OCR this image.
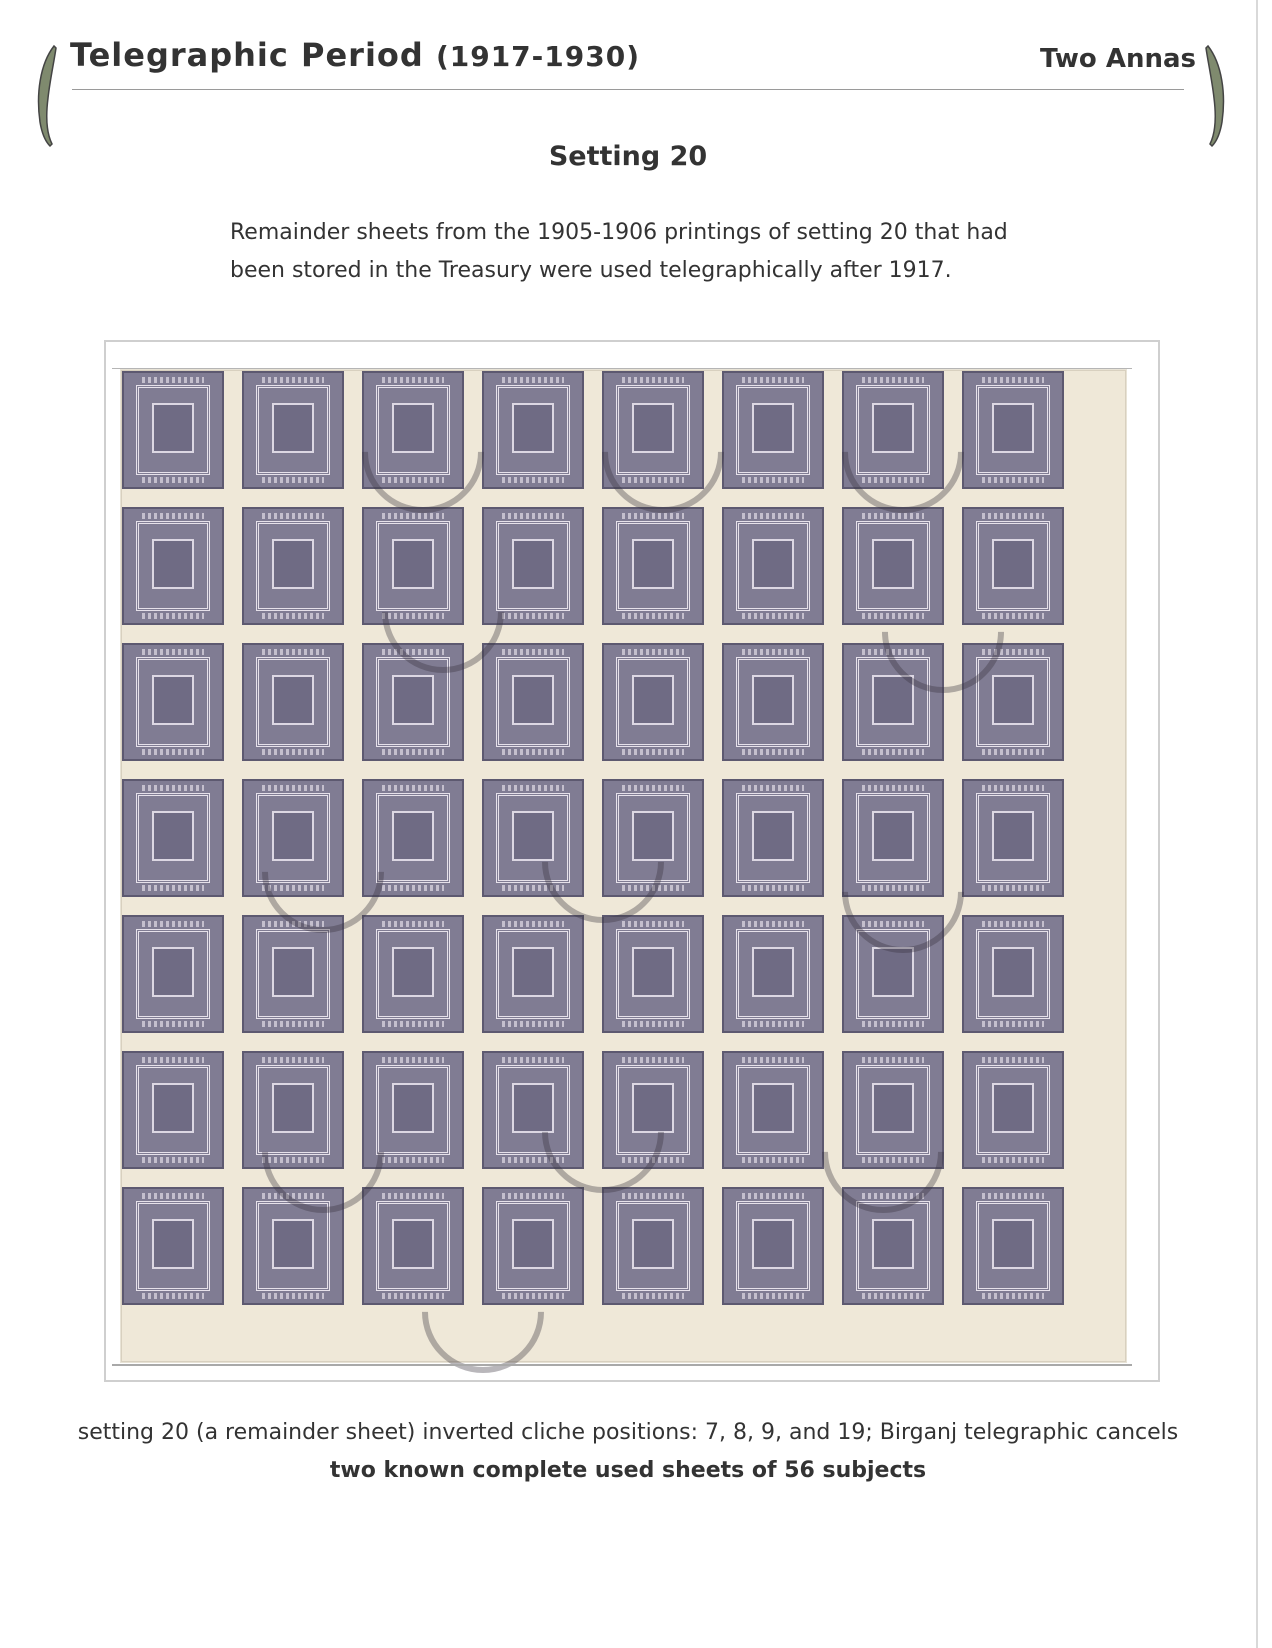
Telegraphic Period (1917-1930)	Two Annas
Setting 20

Remainder sheets from the 1905-1906 printings of setting 20 that had

been stored in the Treasury were used telegraphically after 1917.

setting 20 (a remainder sheet) inverted cliche positions: 7, 8, 9, and 19; Birganj telegraphic cancels

two known complete used sheets of 56 subjects
